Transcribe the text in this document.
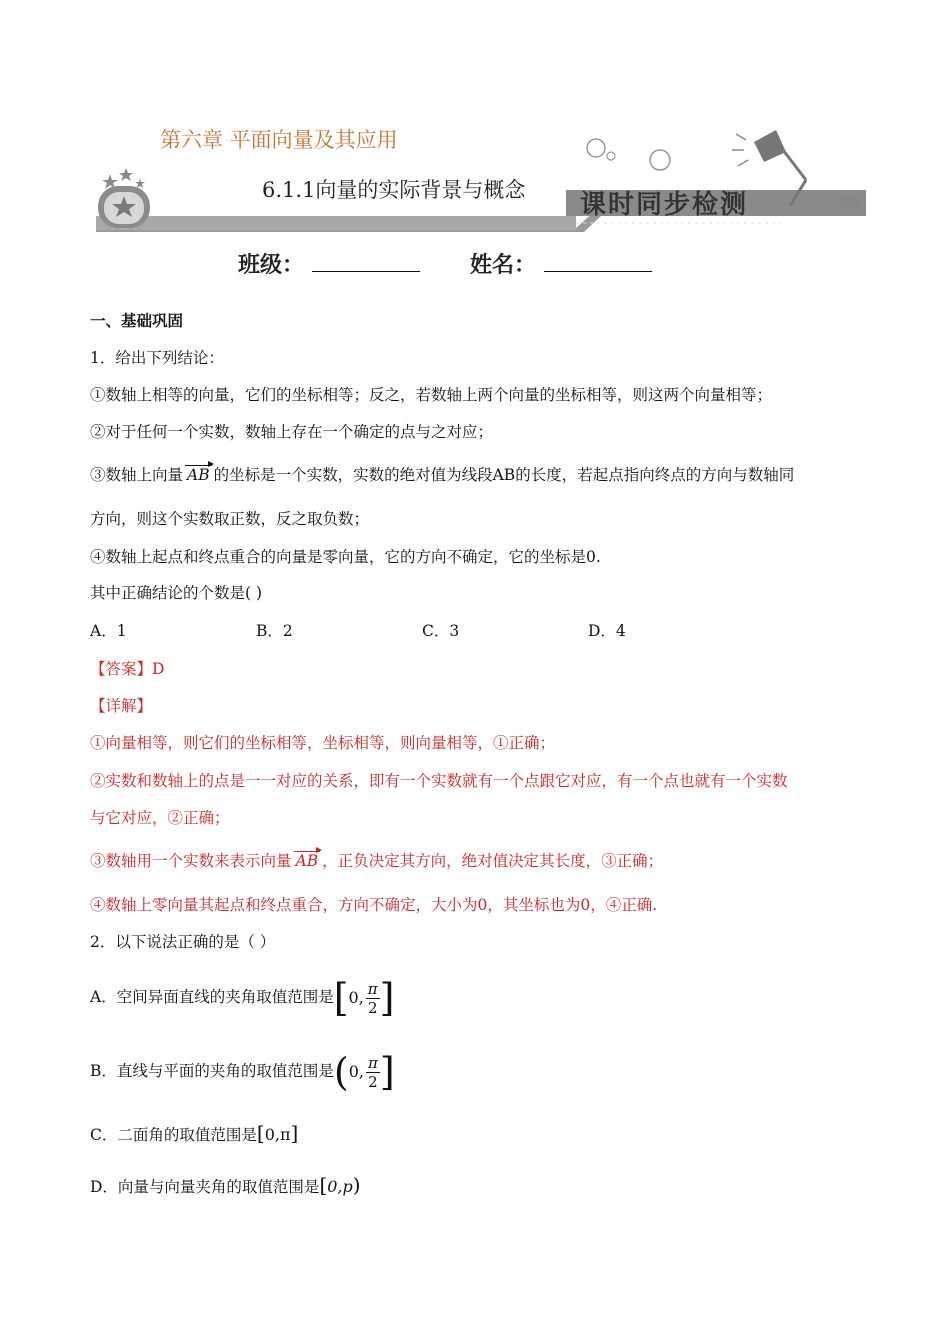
第六章 平面向量及其应用
6.1.1向量的实际背景与概念 课时同步检测
班级：	姓名：
一、基础巩固
1．给出下列结论：
①数轴上相等的向量，它们的坐标相等；反之，若数轴上两个向量的坐标相等，则这两个向量相等；
②对于任何一个实数，数轴上存在一个确定的点与之对应；
③数轴上向量 AB 的坐标是一个实数，实数的绝对值为线段AB的长度，若起点指向终点的方向与数轴同
方向，则这个实数取正数，反之取负数；
④数轴上起点和终点重合的向量是零向量，它的方向不确定，它的坐标是0.
其中正确结论的个数是( )
A．1	B．2	C．3	D．4
【答案】D
【详解】
①向量相等，则它们的坐标相等，坐标相等，则向量相等，①正确；
②实数和数轴上的点是一一对应的关系，即有一个实数就有一个点跟它对应，有一个点也就有一个实数
与它对应，②正确；
③数轴用一个实数来表示向量 AB ，正负决定其方向，绝对值决定其长度，③正确；
④数轴上零向量其起点和终点重合，方向不确定，大小为0，其坐标也为0，④正确.
2．以下说法正确的是（ ）
A．空间异面直线的夹角取值范围是 [ 0, $\frac{\pi}{2}$ ]
B．直线与平面的夹角的取值范围是 ( 0, $\frac{\pi}{2}$ ]
C．二面角的取值范围是[0,π]
D．向量与向量夹角的取值范围是[0,p)
